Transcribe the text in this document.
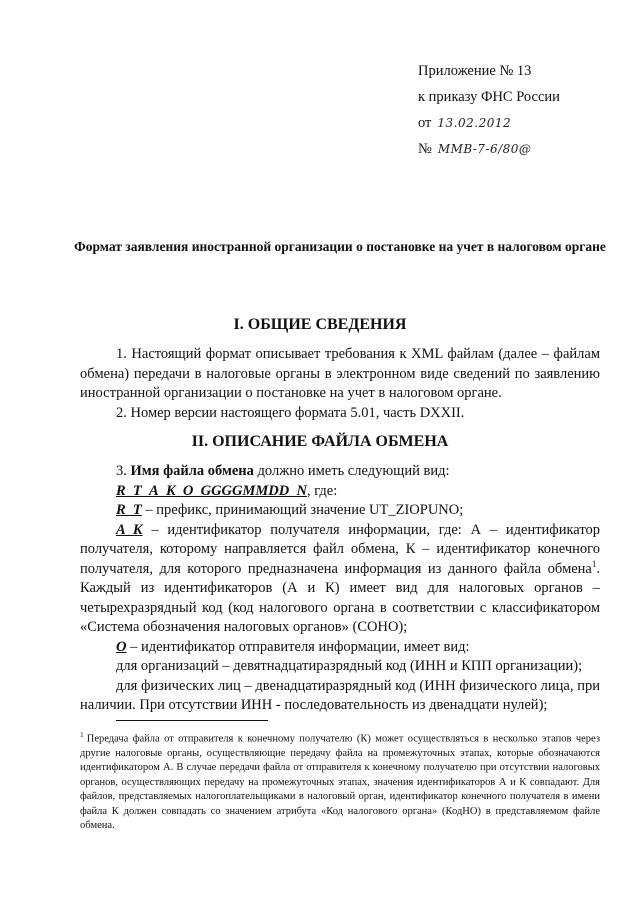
Приложение № 13
к приказу ФНС России
от 13.02.2012
№ ММВ-7-6/80@
Формат заявления иностранной организации о постановке на учет в налоговом органе
I. ОБЩИЕ СВЕДЕНИЯ

1. Настоящий формат описывает требования к XML файлам (далее – файлам обмена) передачи в налоговые органы в электронном виде сведений по заявлению иностранной организации о постановке на учет в налоговом органе.

2. Номер версии настоящего формата 5.01, часть DXXII.

II. ОПИСАНИЕ ФАЙЛА ОБМЕНА

3. Имя файла обмена должно иметь следующий вид:

R_T_A_K_O_GGGGMMDD_N, где:

R_T – префикс, принимающий значение UT_ZIOPUNO;

A_K – идентификатор получателя информации, где: А – идентификатор получателя, которому направляется файл обмена, К – идентификатор конечного получателя, для которого предназначена информация из данного файла обмена$^1$. Каждый из идентификаторов (А и К) имеет вид для налоговых органов – четырехразрядный код (код налогового органа в соответствии с классификатором «Система обозначения налоговых органов» (СОНО);

O – идентификатор отправителя информации, имеет вид:

для организаций – девятнадцатиразрядный код (ИНН и КПП организации);

для физических лиц – двенадцатиразрядный код (ИНН физического лица, при наличии. При отсутствии ИНН - последовательность из двенадцати нулей);

$^1$ Передача файла от отправителя к конечному получателю (К) может осуществляться в несколько этапов через другие налоговые органы, осуществляющие передачу файла на промежуточных этапах, которые обозначаются идентификатором А. В случае передачи файла от отправителя к конечному получателю при отсутствии налоговых органов, осуществляющих передачу на промежуточных этапах, значения идентификаторов А и К совпадают. Для файлов, представляемых налогоплательщиками в налоговый орган, идентификатор конечного получателя в имени файла К должен совпадать со значением атрибута «Код налогового органа» (КодНО) в представляемом файле обмена.
